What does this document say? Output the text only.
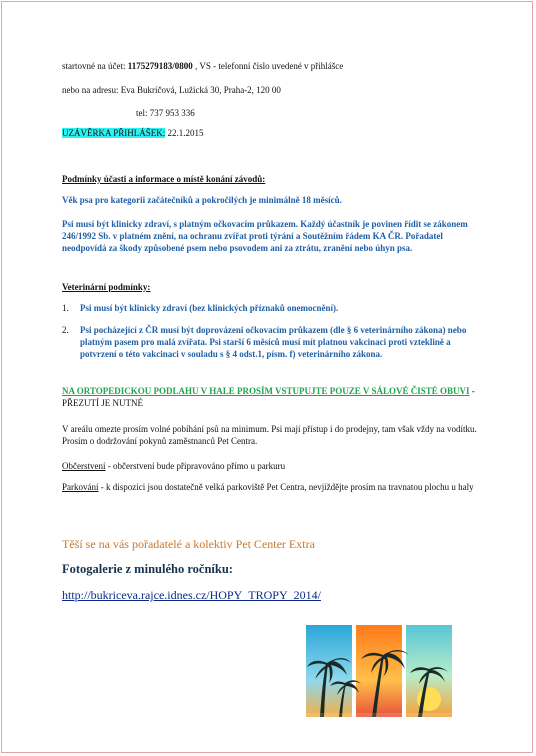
startovné na účet: 1175279183/0800 , VS - telefonní číslo uvedené v přihlášce
nebo na adresu: Eva Bukričová, Lužická 30, Praha-2, 120 00
tel: 737 953 336
UZÁVĚRKA PŘIHLÁŠEK: 22.1.2015
Podmínky účasti a informace o místě konání závodů:
Věk psa pro kategorii začátečníků a pokročilých je minimálně 18 měsíců.
Psi musí být klinicky zdraví, s platným očkovacím průkazem. Každý účastník je povinen řídit se zákonem 246/1992 Sb. v platném znění, na ochranu zvířat proti týrání a Soutěžním řádem KA ČR. Pořadatel neodpovídá za škody způsobené psem nebo psovodem ani za ztrátu, zranění nebo úhyn psa.
Veterinární podmínky:
1.	Psi musí být klinicky zdraví (bez klinických příznaků onemocnění).
2.	Psi pocházející z ČR musí být doprovázeni očkovacím průkazem (dle § 6 veterinárního zákona) nebo platným pasem pro malá zvířata. Psi starší 6 měsíců musí mít platnou vakcinaci proti vzteklině a potvrzení o této vakcinaci v souladu s § 4 odst.1, písm. f) veterinárního zákona.
NA ORTOPEDICKOU PODLAHU V HALE PROSÍM VSTUPUJTE POUZE V SÁLOVÉ ČISTÉ OBUVI - PŘEZUTÍ JE NUTNÉ
V areálu omezte prosím volné pobíhání psů na minimum. Psi mají přístup i do prodejny, tam však vždy na vodítku. Prosím o dodržování pokynů zaměstnanců Pet Centra.
Občerstvení - občerstvení bude připravováno přímo u parkuru
Parkování - k dispozici jsou dostatečně velká parkoviště Pet Centra, nevjíždějte prosím na travnatou plochu u haly
Těší se na vás pořadatelé a kolektiv Pet Center Extra
Fotogalerie z minulého ročníku:
http://bukriceva.rajce.idnes.cz/HOPY_TROPY_2014/
